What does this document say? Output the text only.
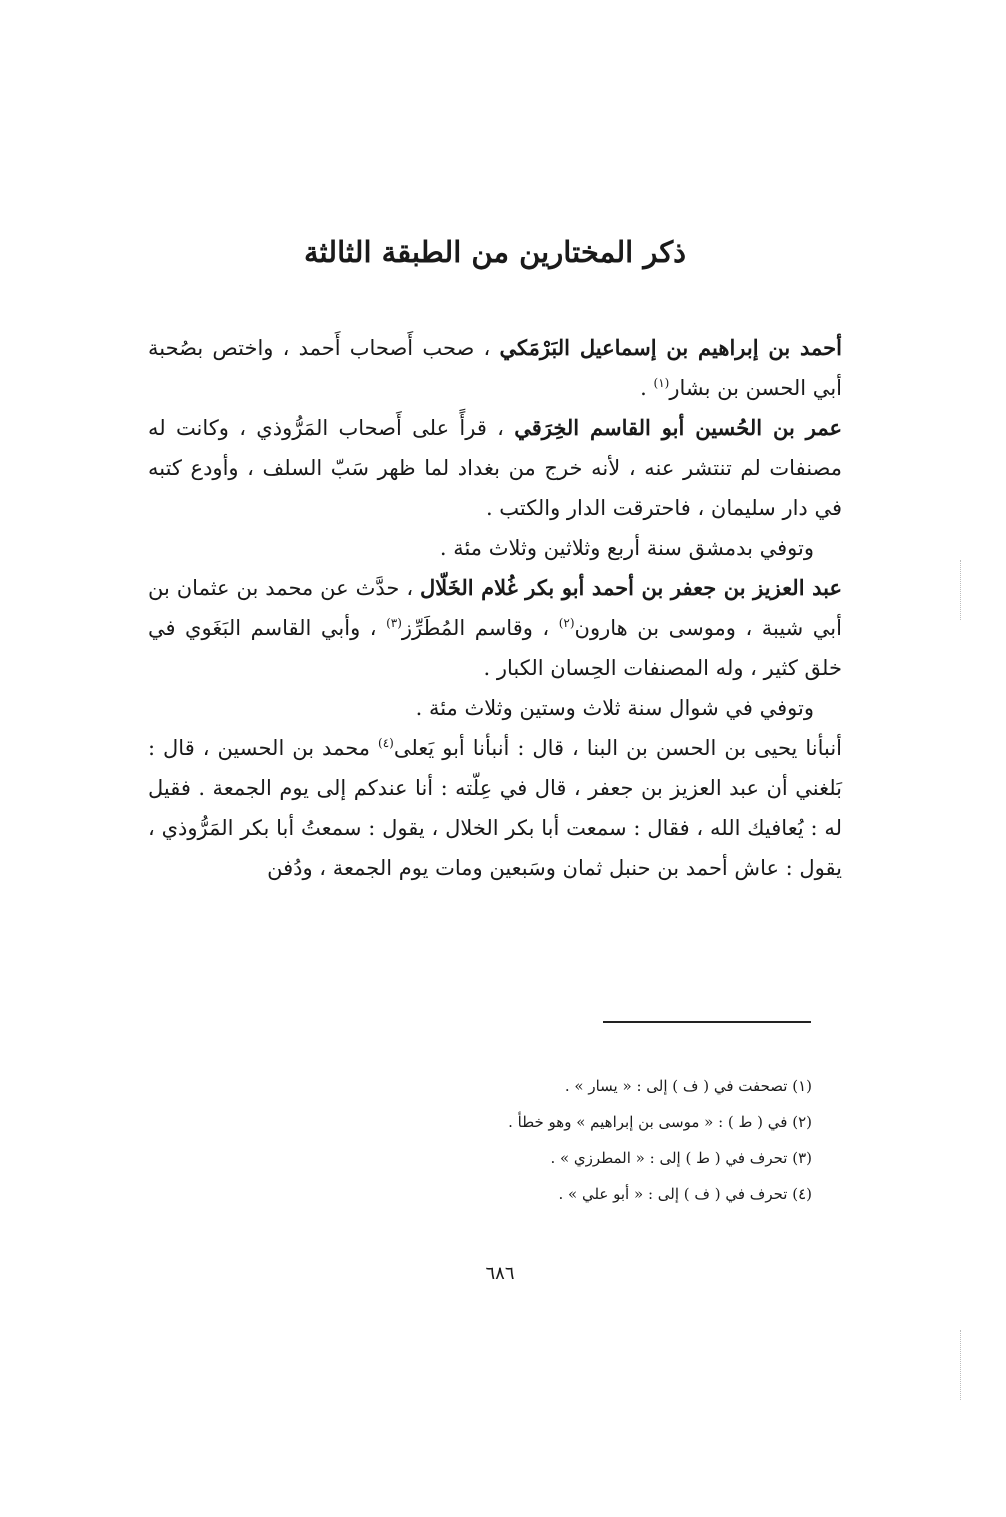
ذكر المختارين من الطبقة الثالثة

أحمد بن إبراهيم بن إسماعيل البَرْمَكي ، صحب أَصحاب أَحمد ، واختص بصُحبة أبي الحسن بن بشار$^{(١)}$ .

عمر بن الحُسين أبو القاسم الخِرَقي ، قرأً على أَصحاب المَرُّوذي ، وكانت له مصنفات لم تنتشر عنه ، لأنه خرج من بغداد لما ظهر سَبّ السلف ، وأودع كتبه في دار سليمان ، فاحترقت الدار والكتب .

وتوفي بدمشق سنة أربع وثلاثين وثلاث مئة .

عبد العزيز بن جعفر بن أحمد أبو بكر غُلام الخَلّال ، حدَّث عن محمد بن عثمان بن أبي شيبة ، وموسى بن هارون$^{(٢)}$ ، وقاسم المُطَرِّز$^{(٣)}$ ، وأبي القاسم البَغَوي في خلق كثير ، وله المصنفات الحِسان الكبار .

وتوفي في شوال سنة ثلاث وستين وثلاث مئة .

أنبأنا يحيى بن الحسن بن البنا ، قال : أنبأنا أبو يَعلى$^{(٤)}$ محمد بن الحسين ، قال : بَلغني أن عبد العزيز بن جعفر ، قال في عِلّته : أنا عندكم إلى يوم الجمعة . فقيل له : يُعافيك الله ، فقال : سمعت أبا بكر الخلال ، يقول : سمعتُ أبا بكر المَرُّوذي ، يقول : عاش أحمد بن حنبل ثمان وسَبعين ومات يوم الجمعة ، ودُفن

(١) تصحفت في ( ف ) إلى : « يسار » .

(٢) في ( ط ) : « موسى بن إبراهيم » وهو خطأ .

(٣) تحرف في ( ط ) إلى : « المطرزي » .

(٤) تحرف في ( ف ) إلى : « أبو علي » .

٦٨٦
